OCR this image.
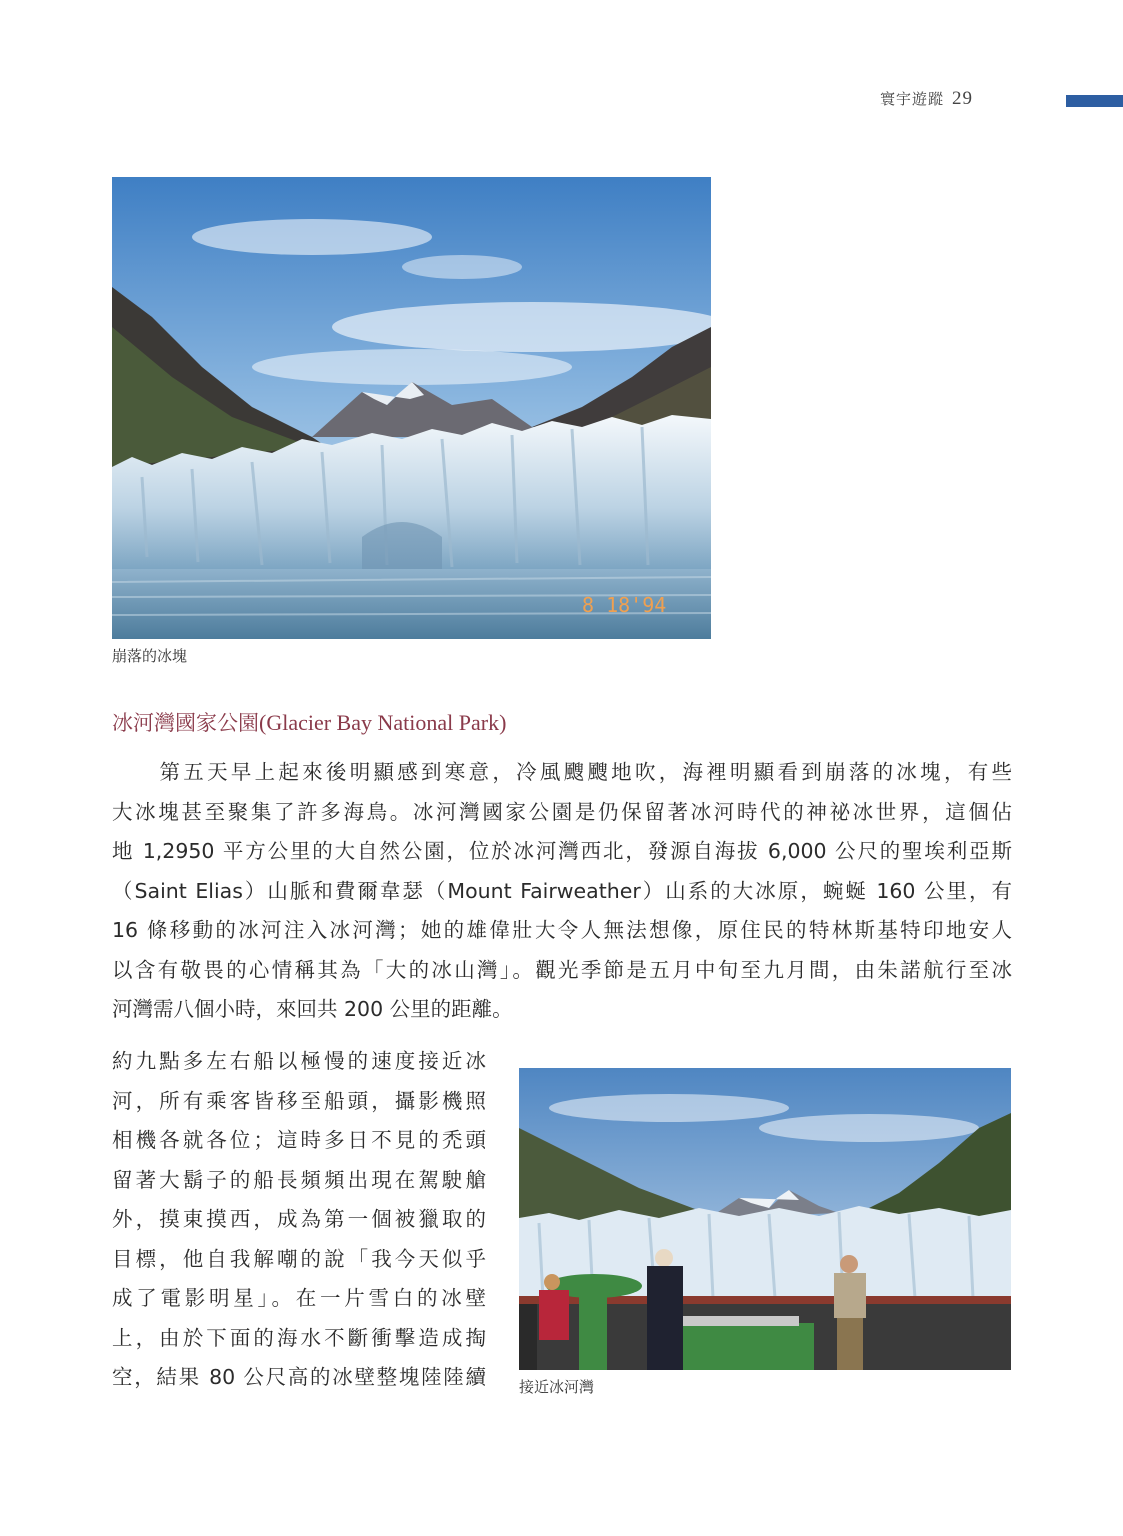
寰宇遊蹤 29
8 18'94
崩落的冰塊
冰河灣國家公園(Glacier Bay National Park)
　　第五天早上起來後明顯感到寒意，冷風颼颼地吹，海裡明顯看到崩落的冰塊，有些
大冰塊甚至聚集了許多海鳥。冰河灣國家公園是仍保留著冰河時代的神祕冰世界，這個佔
地 1,2950 平方公里的大自然公園，位於冰河灣西北，發源自海拔 6,000 公尺的聖埃利亞斯
（Saint Elias）山脈和費爾韋瑟（Mount Fairweather）山系的大冰原，蜿蜒 160 公里，有
16 條移動的冰河注入冰河灣；她的雄偉壯大令人無法想像，原住民的特林斯基特印地安人
以含有敬畏的心情稱其為「大的冰山灣」。觀光季節是五月中旬至九月間，由朱諾航行至冰
河灣需八個小時，來回共 200 公里的距離。
約九點多左右船以極慢的速度接近冰
河，所有乘客皆移至船頭，攝影機照
相機各就各位；這時多日不見的禿頭
留著大鬍子的船長頻頻出現在駕駛艙
外，摸東摸西，成為第一個被獵取的
目標，他自我解嘲的說「我今天似乎
成了電影明星」。在一片雪白的冰壁
上，由於下面的海水不斷衝擊造成掏
空，結果 80 公尺高的冰壁整塊陸陸續 接近冰河灣
